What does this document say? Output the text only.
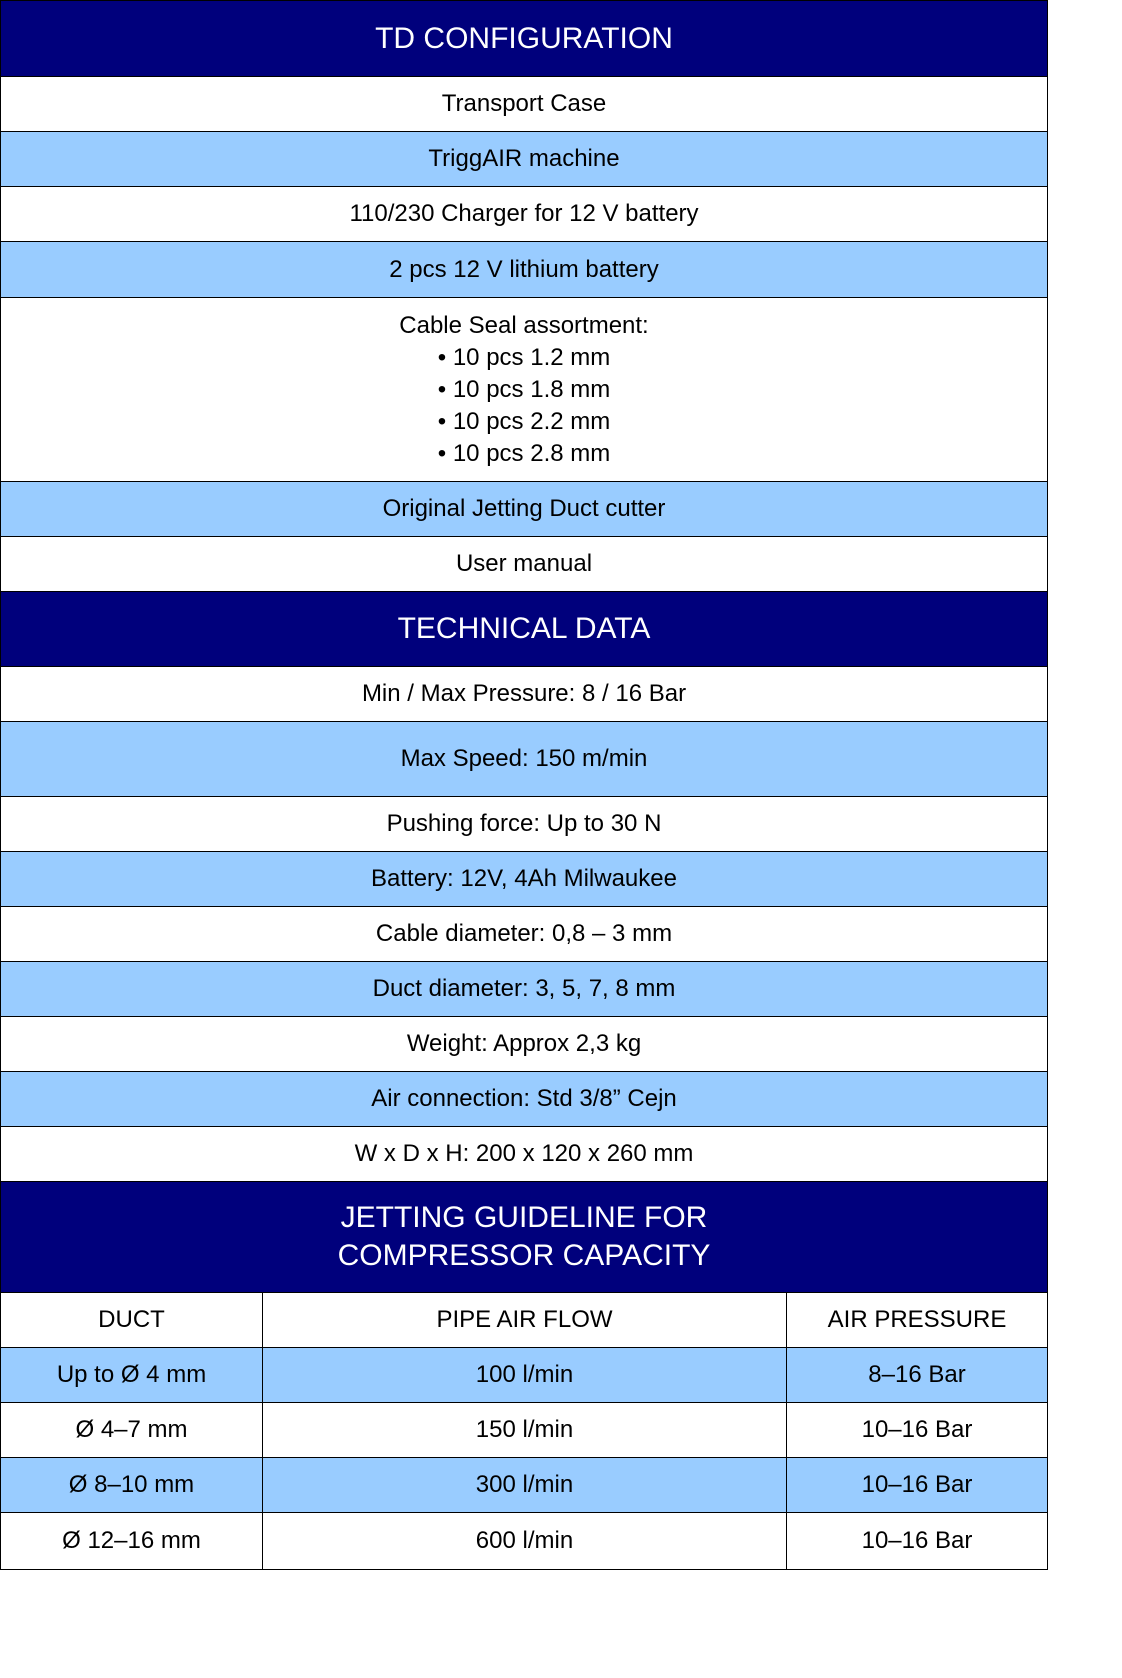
TD CONFIGURATION
Transport Case
TriggAIR machine
110/230 Charger for 12 V battery
2 pcs 12 V lithium battery
Cable Seal assortment:
• 10 pcs 1.2 mm
• 10 pcs 1.8 mm
• 10 pcs 2.2 mm
• 10 pcs 2.8 mm
Original Jetting Duct cutter
User manual
TECHNICAL DATA
Min / Max Pressure: 8 / 16 Bar
Max Speed: 150 m/min
Pushing force: Up to 30 N
Battery: 12V, 4Ah Milwaukee
Cable diameter: 0,8 – 3 mm
Duct diameter: 3, 5, 7, 8 mm
Weight: Approx 2,3 kg
Air connection: Std 3/8” Cejn
W x D x H: 200 x 120 x 260 mm
JETTING GUIDELINE FOR
COMPRESSOR CAPACITY
DUCT	PIPE AIR FLOW	AIR PRESSURE
Up to Ø 4 mm	100 l/min	8–16 Bar
Ø 4–7 mm	150 l/min	10–16 Bar
Ø 8–10 mm	300 l/min	10–16 Bar
Ø 12–16 mm	600 l/min	10–16 Bar
